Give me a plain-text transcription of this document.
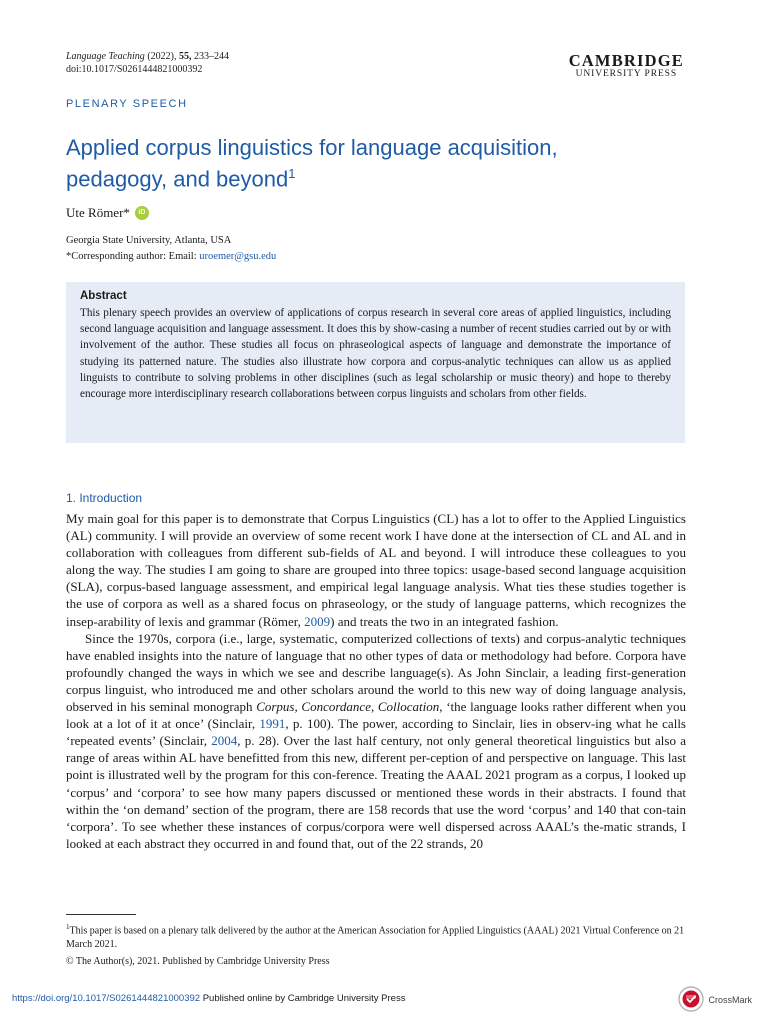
Language Teaching (2022), 55, 233–244
doi:10.1017/S0261444821000392	CAMBRIDGE
UNIVERSITY PRESS
PLENARY SPEECH
Applied corpus linguistics for language acquisition,
pedagogy, and beyond$^1$
Ute Römer*	iD
Georgia State University, Atlanta, USA
*Corresponding author: Email: uroemer@gsu.edu
Abstract
This plenary speech provides an overview of applications of corpus research in several core areas of applied linguistics, including second language acquisition and language assessment. It does this by show-casing a number of recent studies carried out by or with involvement of the author. These studies all focus on phraseological aspects of language and demonstrate the importance of studying its patterned nature. The studies also illustrate how corpora and corpus-analytic techniques can allow us as applied linguists to contribute to solving problems in other disciplines (such as legal scholarship or music theory) and hope to thereby encourage more interdisciplinary research collaborations between corpus linguists and scholars from other fields.
1. Introduction

My main goal for this paper is to demonstrate that Corpus Linguistics (CL) has a lot to offer to the Applied Linguistics (AL) community. I will provide an overview of some recent work I have done at the intersection of CL and AL and in collaboration with colleagues from different sub-fields of AL and beyond. I will introduce these colleagues to you along the way. The studies I am going to share are grouped into three topics: usage-based second language acquisition (SLA), corpus-based language assessment, and empirical legal language analysis. What ties these studies together is the use of corpora as well as a shared focus on phraseology, or the study of language patterns, which recognizes the insep-arability of lexis and grammar (Römer, 2009) and treats the two in an integrated fashion.

Since the 1970s, corpora (i.e., large, systematic, computerized collections of texts) and corpus-analytic techniques have enabled insights into the nature of language that no other types of data or methodology had before. Corpora have profoundly changed the ways in which we see and describe language(s). As John Sinclair, a leading first-generation corpus linguist, who introduced me and other scholars around the world to this new way of doing language analysis, observed in his seminal monograph Corpus, Concordance, Collocation, ‘the language looks rather different when you look at a lot of it at once’ (Sinclair, 1991, p. 100). The power, according to Sinclair, lies in observ-ing what he calls ‘repeated events’ (Sinclair, 2004, p. 28). Over the last half century, not only general theoretical linguistics but also a range of areas within AL have benefitted from this new, different per-ception of and perspective on language. This last point is illustrated well by the program for this con-ference. Treating the AAAL 2021 program as a corpus, I looked up ‘corpus’ and ‘corpora’ to see how many papers discussed or mentioned these words in their abstracts. I found that within the ‘on demand’ section of the program, there are 158 records that use the word ‘corpus’ and 140 that con-tain ‘corpora’. To see whether these instances of corpus/corpora were well dispersed across AAAL’s the-matic strands, I looked at each abstract they occurred in and found that, out of the 22 strands, 20

$^1$This paper is based on a plenary talk delivered by the author at the American Association for Applied Linguistics (AAAL) 2021 Virtual Conference on 21 March 2021.
© The Author(s), 2021. Published by Cambridge University Press
https://doi.org/10.1017/S0261444821000392 Published online by Cambridge University Press	CrossMark
